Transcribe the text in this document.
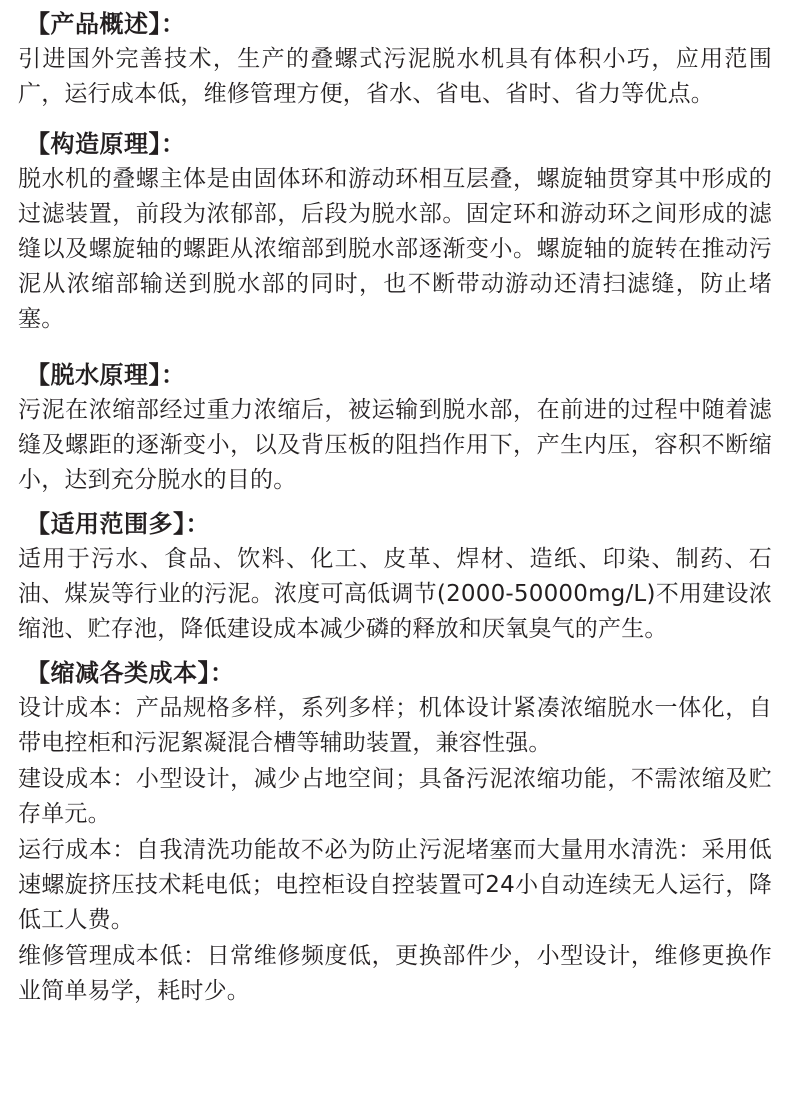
【产品概述】：
引进国外完善技术，生产的叠螺式污泥脱水机具有体积小巧，应用范围广，运行成本低，维修管理方便，省水、省电、省时、省力等优点。
【构造原理】：
脱水机的叠螺主体是由固体环和游动环相互层叠，螺旋轴贯穿其中形成的过滤装置，前段为浓郁部，后段为脱水部。固定环和游动环之间形成的滤缝以及螺旋轴的螺距从浓缩部到脱水部逐渐变小。螺旋轴的旋转在推动污泥从浓缩部输送到脱水部的同时，也不断带动游动还清扫滤缝，防止堵塞。
【脱水原理】：
污泥在浓缩部经过重力浓缩后，被运输到脱水部，在前进的过程中随着滤缝及螺距的逐渐变小，以及背压板的阻挡作用下，产生内压，容积不断缩小，达到充分脱水的目的。
【适用范围多】：
适用于污水、食品、饮料、化工、皮革、焊材、造纸、印染、制药、石油、煤炭等行业的污泥。浓度可高低调节(2000-50000mg/L)不用建设浓缩池、贮存池，降低建设成本减少磷的释放和厌氧臭气的产生。
【缩减各类成本】：
设计成本：产品规格多样，系列多样；机体设计紧凑浓缩脱水一体化，自带电控柜和污泥絮凝混合槽等辅助装置，兼容性强。
建设成本：小型设计，减少占地空间；具备污泥浓缩功能，不需浓缩及贮存单元。
运行成本：自我清洗功能故不必为防止污泥堵塞而大量用水清洗：采用低速螺旋挤压技术耗电低；电控柜设自控装置可24小自动连续无人运行，降低工人费。
维修管理成本低：日常维修频度低，更换部件少，小型设计，维修更换作业简单易学，耗时少。
